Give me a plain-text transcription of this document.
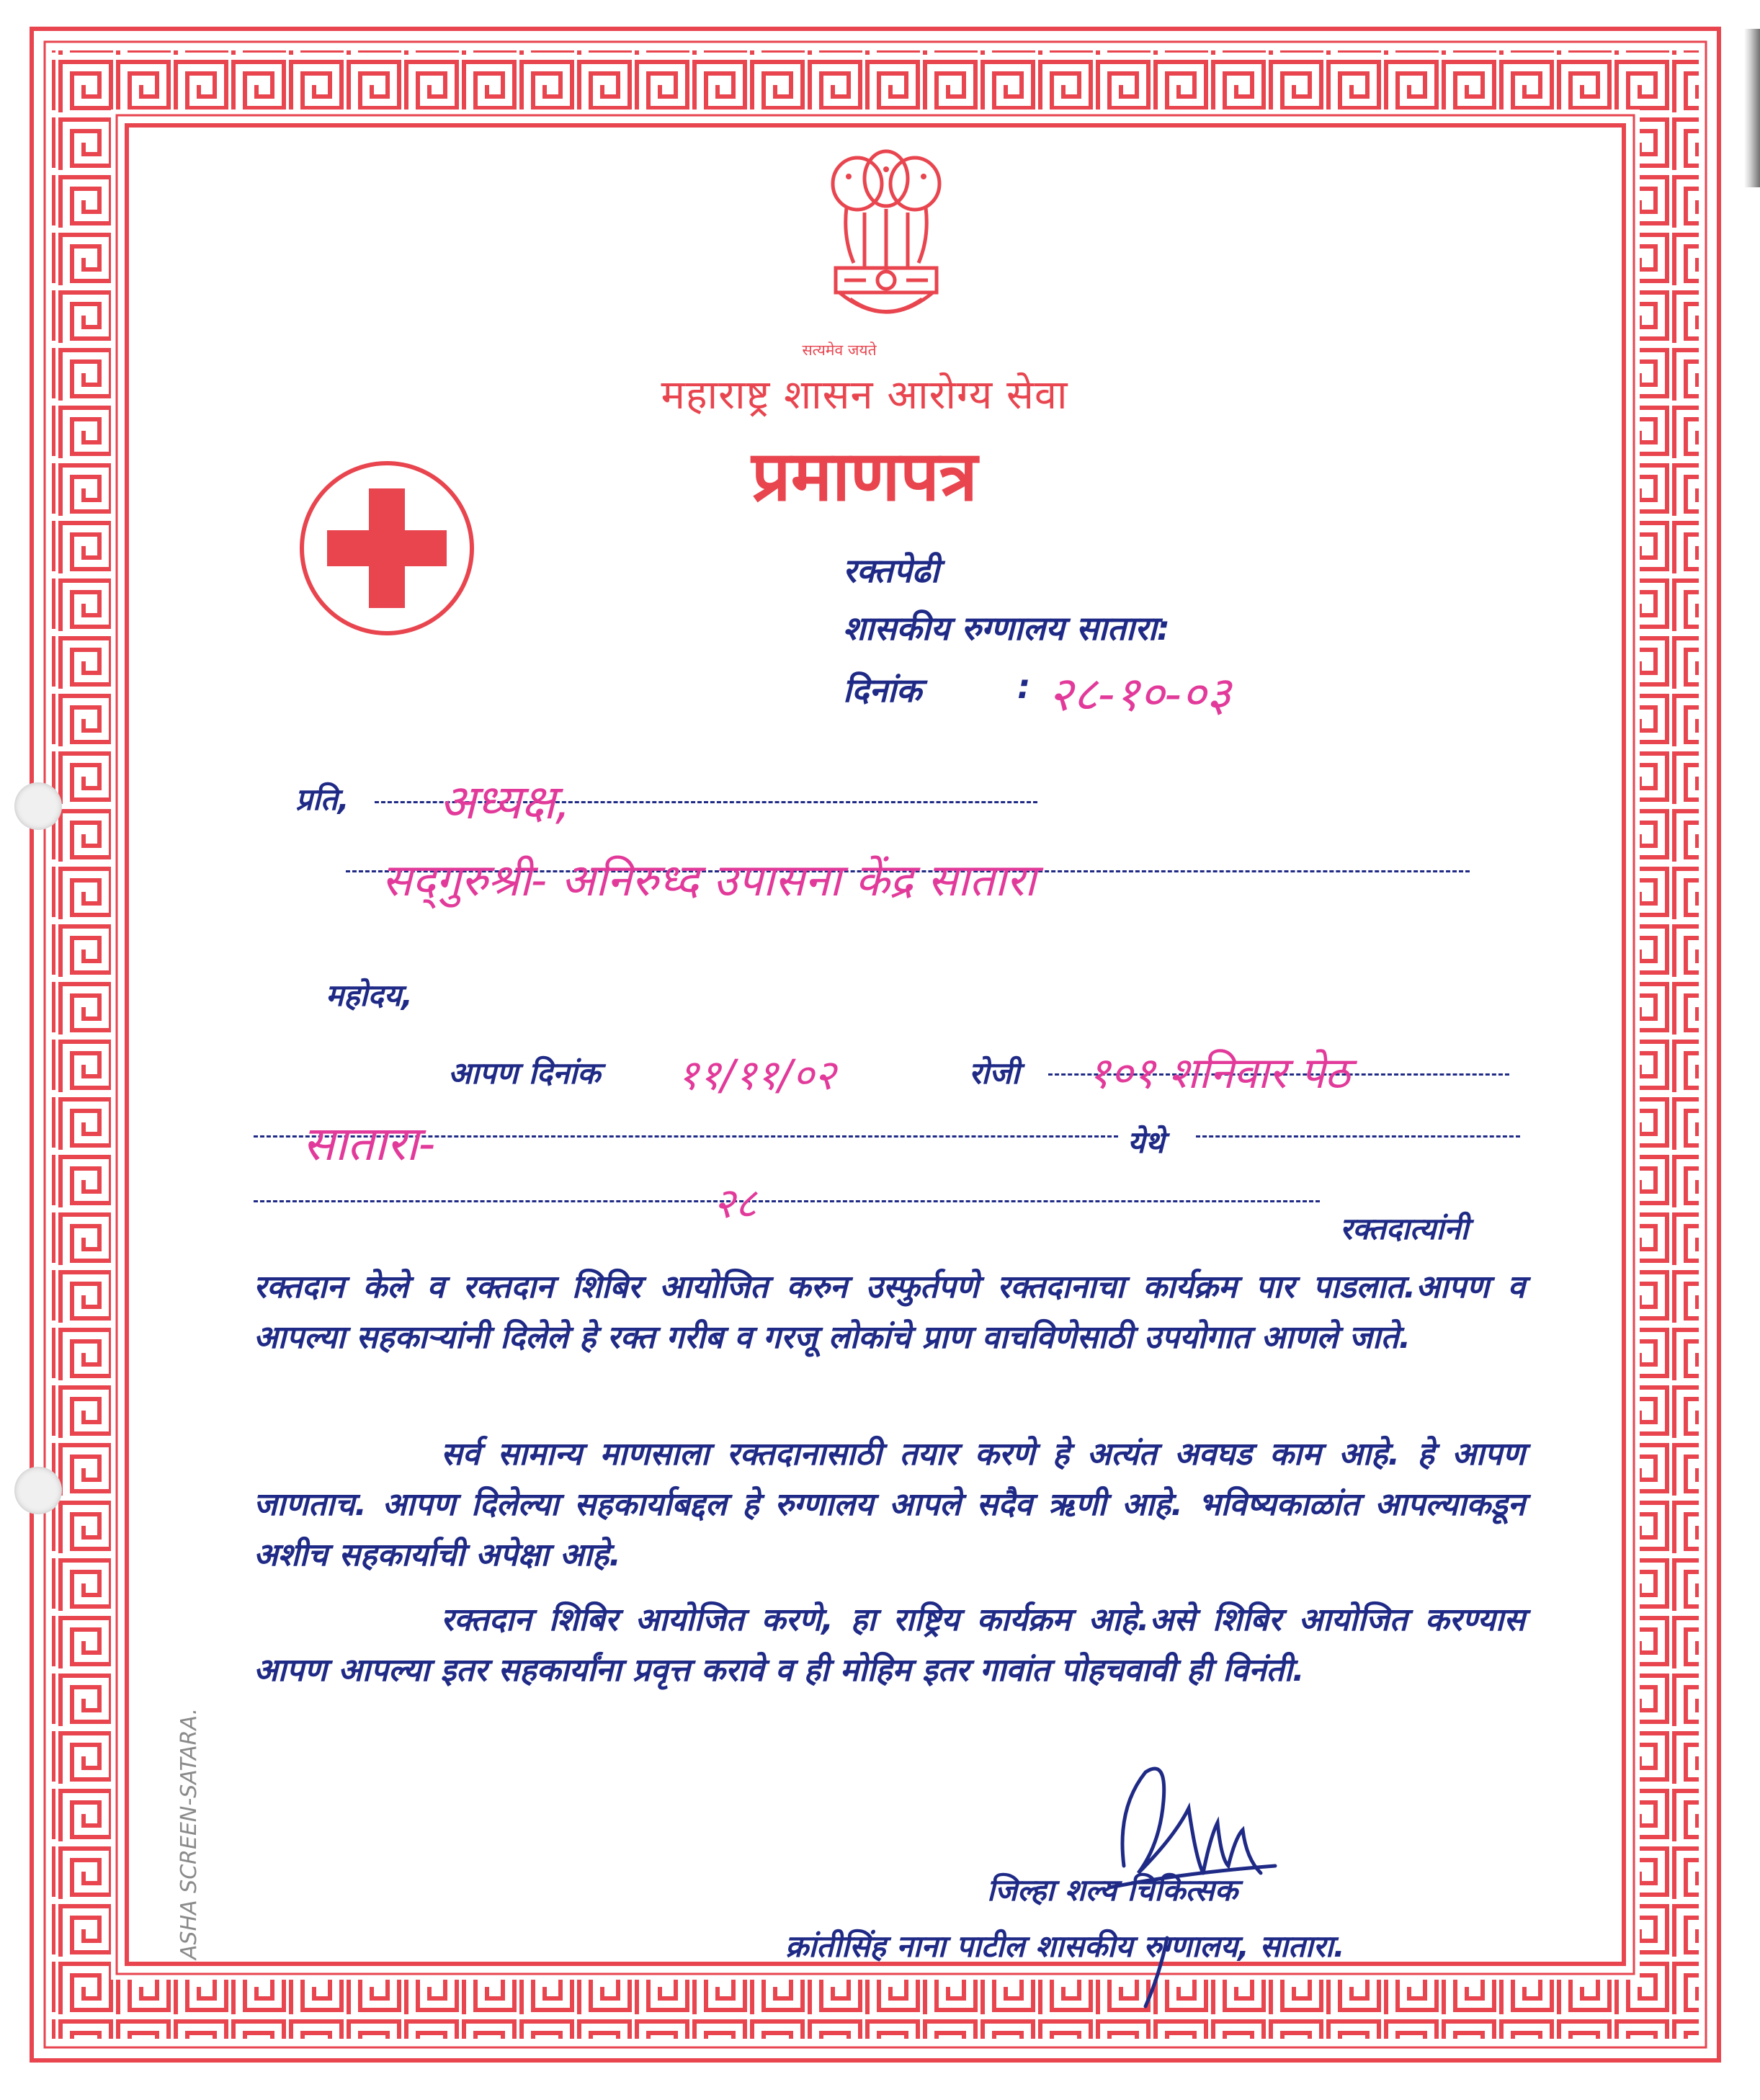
सत्यमेव जयते
महाराष्ट्र शासन आरोग्य सेवा
प्रमाणपत्र
रक्तपेढी
शासकीय रुग्णालय सातारा:
दिनांक	: २८-१०-०३
प्रति, अध्यक्ष,
सद्‌गुरुश्री- अनिरुध्द उपासना केंद्र सातारा
महोदय,
आपण दिनांक ११/११/०२	रोजी १०१ शनिवार पेठ
सातारा-	येथे
२८
रक्तदात्यांनी
रक्तदान केले व रक्तदान शिबिर आयोजित करुन उस्फुर्तपणे रक्तदानाचा कार्यक्रम पार पाडलात.आपण व आपल्या सहकाऱ्यांनी दिलेले हे रक्त गरीब व गरजू लोकांचे प्राण वाचविणेसाठी उपयोगात आणले जाते.
सर्व सामान्य माणसाला रक्तदानासाठी तयार करणे हे अत्यंत अवघड काम आहे. हे आपण जाणताच. आपण दिलेल्या सहकार्याबद्दल हे रुग्णालय आपले सदैव ऋणी आहे. भविष्यकाळांत आपल्याकडून अशीच सहकार्याची अपेक्षा आहे.
रक्तदान शिबिर आयोजित करणे, हा राष्ट्रिय कार्यक्रम आहे.असे शिबिर आयोजित करण्यास आपण आपल्या इतर सहकार्यांना प्रवृत्त करावे व ही मोहिम इतर गावांत पोहचवावी ही विनंती.
जिल्हा शल्य चिकित्सक
क्रांतीसिंह नाना पाटील शासकीय रुग्णालय, सातारा.
ASHA SCREEN-SATARA.
